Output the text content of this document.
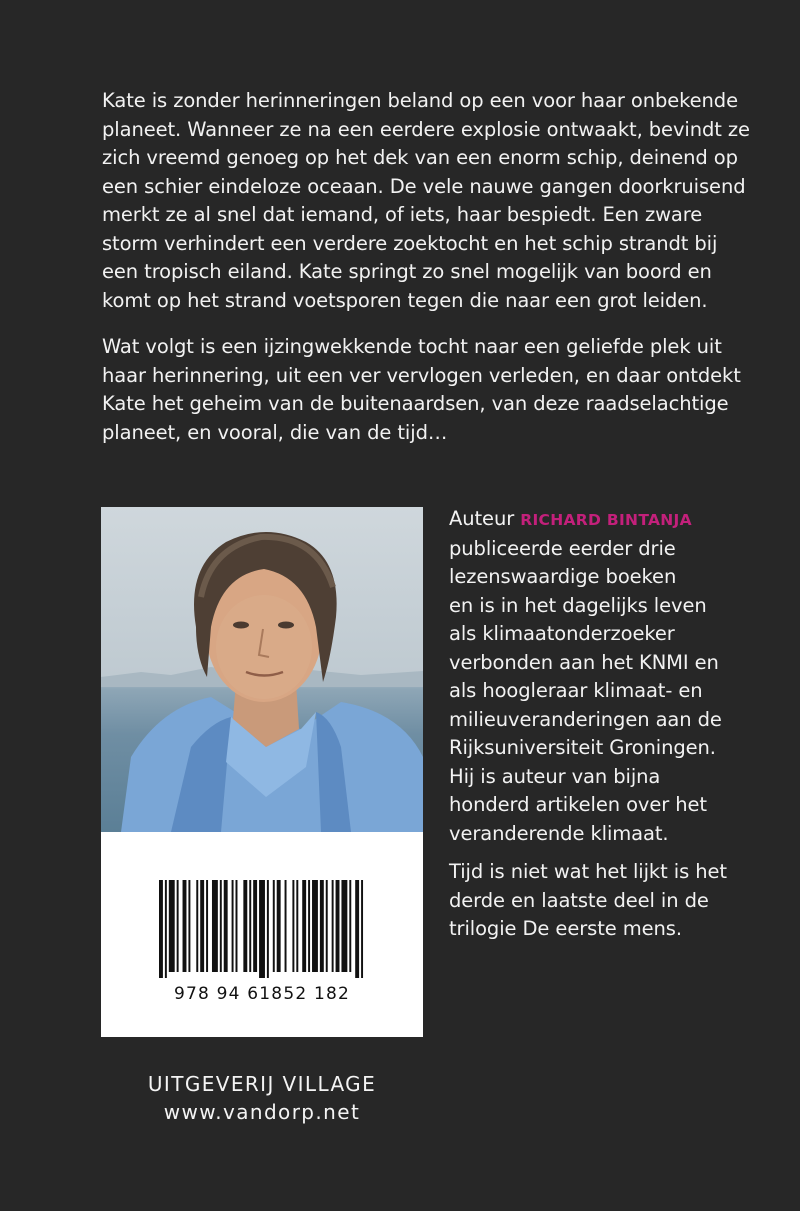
Kate is zonder herinneringen beland op een voor haar onbekende
planeet. Wanneer ze na een eerdere explosie ontwaakt, bevindt ze
zich vreemd genoeg op het dek van een enorm schip, deinend op
een schier eindeloze oceaan. De vele nauwe gangen doorkruisend
merkt ze al snel dat iemand, of iets, haar bespiedt. Een zware
storm verhindert een verdere zoektocht en het schip strandt bij
een tropisch eiland. Kate springt zo snel mogelijk van boord en
komt op het strand voetsporen tegen die naar een grot leiden.

Wat volgt is een ijzingwekkende tocht naar een geliefde plek uit
haar herinnering, uit een ver vervlogen verleden, en daar ontdekt
Kate het geheim van de buitenaardsen, van deze raadselachtige
planeet, en vooral, die van de tijd…

978 94 61852 182
Auteur RICHARD BINTANJA
publiceerde eerder drie
lezenswaardige boeken
en is in het dagelijks leven
als klimaatonderzoeker
verbonden aan het KNMI en
als hoogleraar klimaat- en
milieuveranderingen aan de
Rijksuniversiteit Groningen.
Hij is auteur van bijna
honderd artikelen over het
veranderende klimaat.
Tijd is niet wat het lijkt is het
derde en laatste deel in de
trilogie De eerste mens.
UITGEVERIJ VILLAGE
www.vandorp.net
